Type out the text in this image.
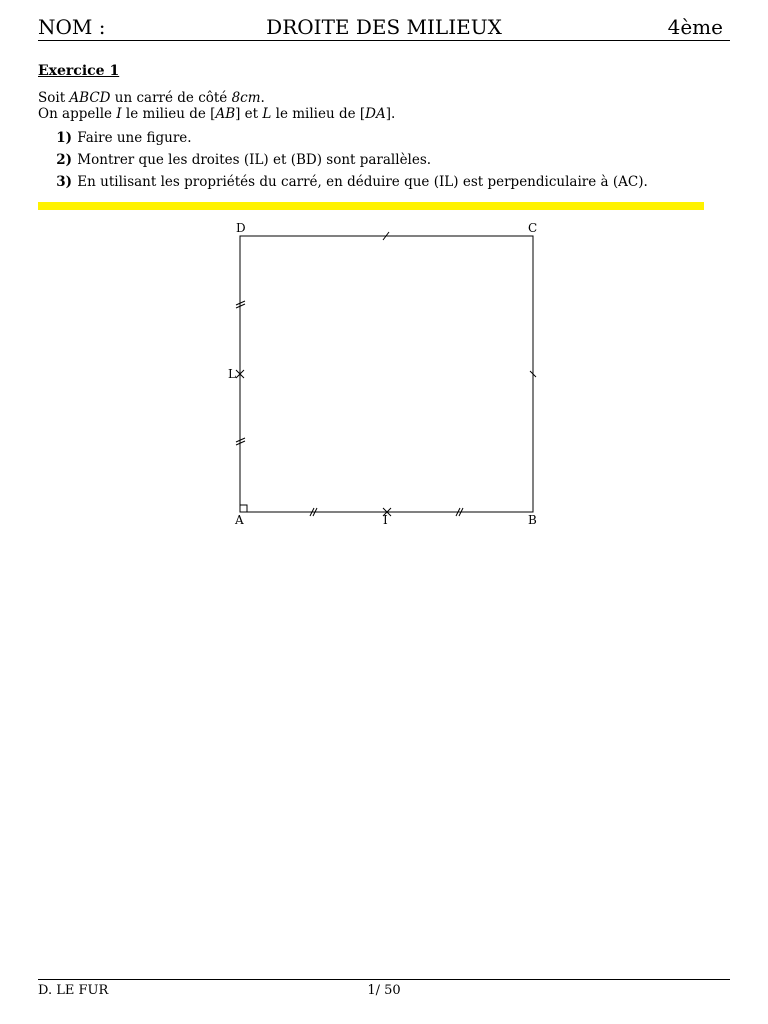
NOM :	DROITE DES MILIEUX	4ème
Exercice 1
Soit ABCD un carré de côté 8cm.
On appelle I le milieu de [AB] et L le milieu de [DA].
1) Faire une figure.
2) Montrer que les droites (IL) et (BD) sont parallèles.
3) En utilisant les propriétés du carré, en déduire que (IL) est perpendiculaire à (AC).
D	C
L
A	I	B
D. LE FUR	1/ 50
